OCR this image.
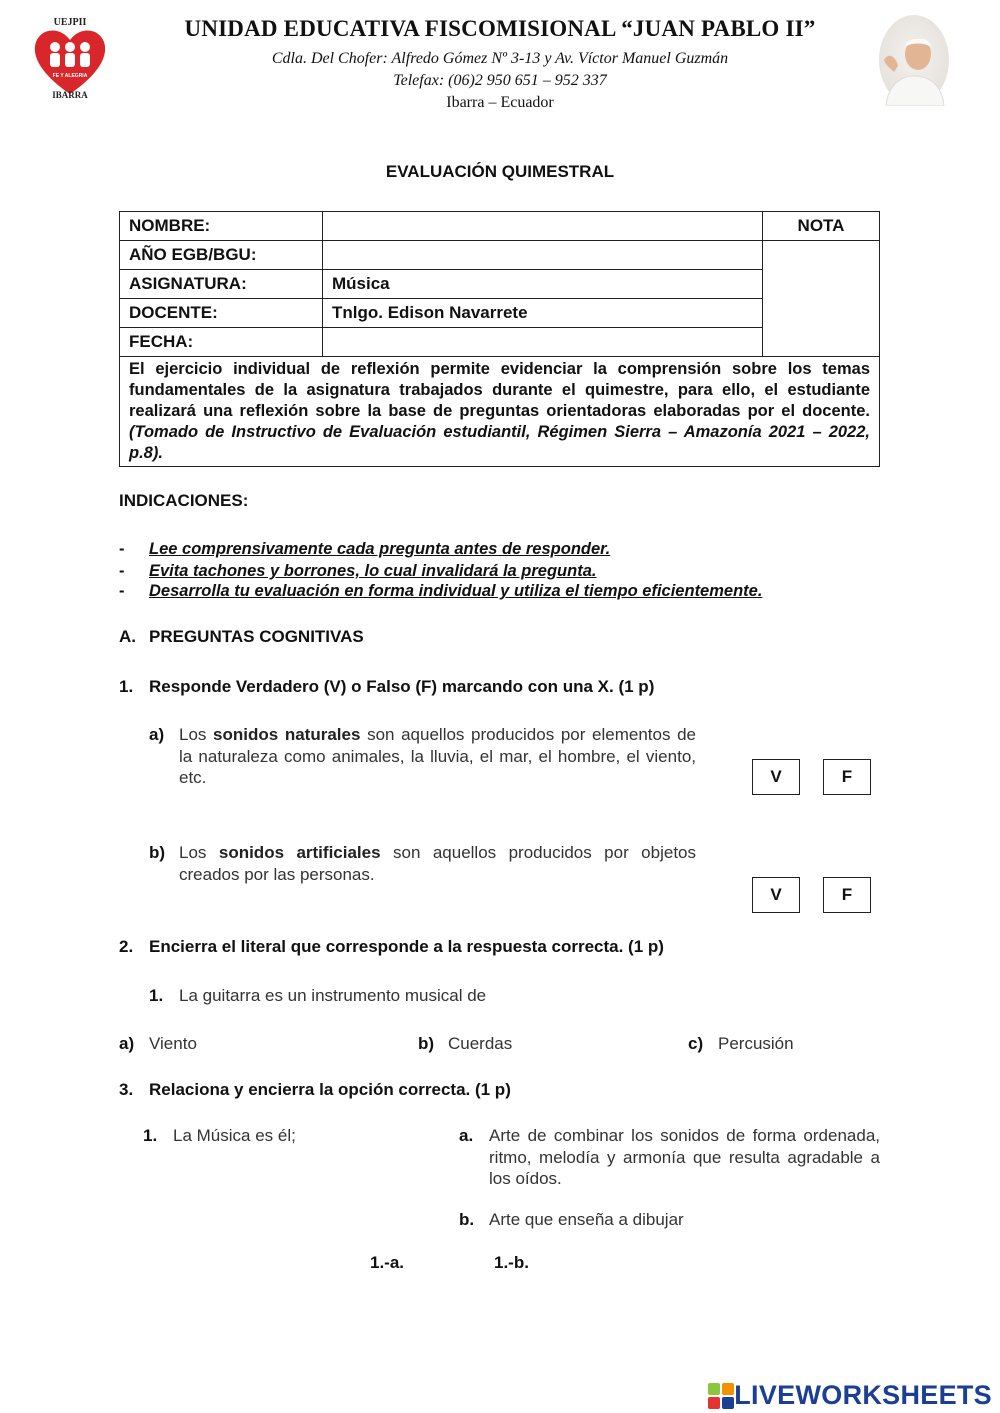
UEJPII
FE Y ALEGRIA
IBARRA
UNIDAD EDUCATIVA FISCOMISIONAL “JUAN PABLO II”
Cdla. Del Chofer: Alfredo Gómez Nº 3-13 y Av. Víctor Manuel Guzmán
Telefax: (06)2 950 651 – 952 337
Ibarra – Ecuador
EVALUACIÓN QUIMESTRAL
NOMBRE:		NOTA
AÑO EGB/BGU:		
ASIGNATURA:	Música	
DOCENTE:	Tnlgo. Edison Navarrete	
FECHA:		
El ejercicio individual de reflexión permite evidenciar la comprensión sobre los temas fundamentales de la asignatura trabajados durante el quimestre, para ello, el estudiante realizará una reflexión sobre la base de preguntas orientadoras elaboradas por el docente. (Tomado de Instructivo de Evaluación estudiantil, Régimen Sierra – Amazonía 2021 – 2022, p.8).		
INDICACIONES:
- Lee comprensivamente cada pregunta antes de responder.
- Evita tachones y borrones, lo cual invalidará la pregunta.
- Desarrolla tu evaluación en forma individual y utiliza el tiempo eficientemente.
A. PREGUNTAS COGNITIVAS
1. Responde Verdadero (V) o Falso (F) marcando con una X. (1 p)
a) Los sonidos naturales son aquellos producidos por elementos de la naturaleza como animales, la lluvia, el mar, el hombre, el viento, etc.	V	F
b) Los sonidos artificiales son aquellos producidos por objetos creados por las personas.
V	F
2. Encierra el literal que corresponde a la respuesta correcta. (1 p)
1. La guitarra es un instrumento musical de
a) Viento	b) Cuerdas	c) Percusión
3. Relaciona y encierra la opción correcta. (1 p)
1. La Música es él;	a. Arte de combinar los sonidos de forma ordenada, ritmo, melodía y armonía que resulta agradable a los oídos.
b. Arte que enseña a dibujar
1.-a.	1.-b.
LIVEWORKSHEETS
